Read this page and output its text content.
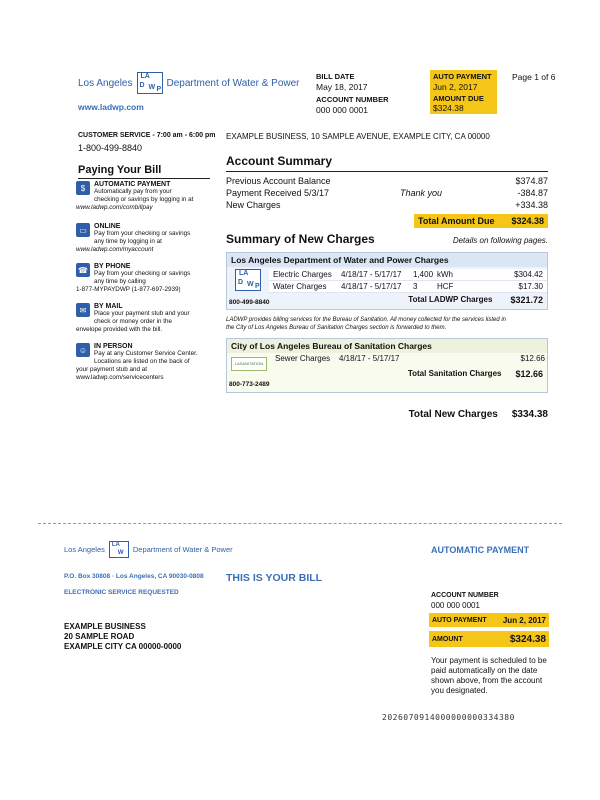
Los Angeles
LA
D W P
Department of Water & Power
www.ladwp.com
BILL DATE
May 18, 2017
ACCOUNT NUMBER
000 000 0001
AUTO PAYMENT
Jun 2, 2017
AMOUNT DUE
$324.38
Page 1 of 6
CUSTOMER SERVICE - 7:00 am - 6:00 pm
1-800-499-8840
EXAMPLE BUSINESS, 10 SAMPLE AVENUE, EXAMPLE CITY, CA 00000
Paying Your Bill
$	AUTOMATIC PAYMENT
Automatically pay from your
checking or savings by logging in at
www.ladwp.com/combillpay
▭	ONLINE
Pay from your checking or savings
any time by logging in at
www.ladwp.com/myaccount
☎ BY PHONE
Pay from your checking or savings
any time by calling
1-877-MYPAYDWP (1-877-697-2939)
✉	BY MAIL
Place your payment stub and your
check or money order in the
envelope provided with the bill.
☺ IN PERSON
Pay at any Customer Service Center.
Locations are listed on the back of
your payment stub and at
www.ladwp.com/servicecenters
Account Summary
Previous Account Balance	$374.87
Payment Received 5/3/17	Thank you	-384.87
New Charges	+334.38
Total Amount Due $324.38
Summary of New Charges	Details on following pages.
Los Angeles Department of Water and Power Charges
LA
D W P
800-499-8840
Electric Charges	4/18/17 - 5/17/17	1,400 kWh	$304.42
Water Charges	4/18/17 - 5/17/17	3	HCF	$17.30
Total LADWP Charges $321.72
LADWP provides billing services for the Bureau of Sanitation. All money collected for the services listed in
the City of Los Angeles Bureau of Sanitation Charges section is forwarded to them.
City of Los Angeles Bureau of Sanitation Charges
LASANITATION
800-773-2489
Sewer Charges	4/18/17 - 5/17/17	$12.66
Total Sanitation Charges $12.66
Total New Charges $334.38
Los Angeles LA
W Department of Water & Power	AUTOMATIC PAYMENT
P.O. Box 30808 · Los Angeles, CA 90030-0808 THIS IS YOUR BILL
ELECTRONIC SERVICE REQUESTED	ACCOUNT NUMBER
000 000 0001
AUTO PAYMENT Jun 2, 2017
AMOUNT	$324.38
EXAMPLE BUSINESS
20 SAMPLE ROAD
EXAMPLE CITY CA 00000-0000
Your payment is scheduled to be
paid automatically on the date
shown above, from the account
you designated.
2026070914000000000334380
